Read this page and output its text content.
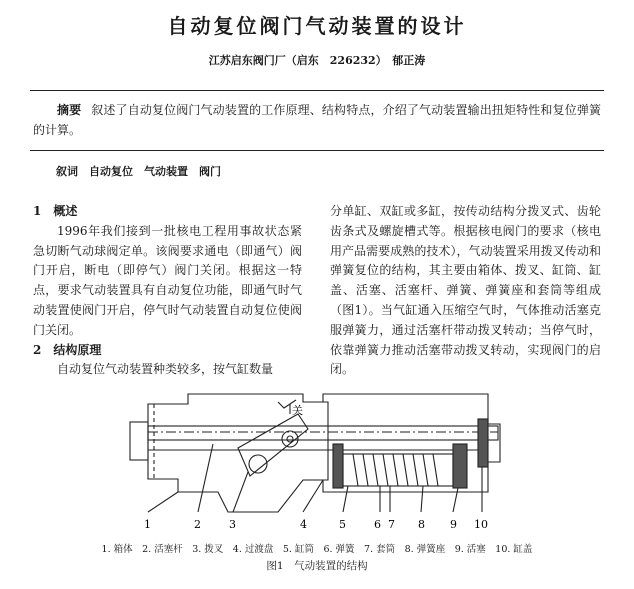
自动复位阀门气动装置的设计
江苏启东阀门厂（启东　226232）　郁正涛
摘要 叙述了自动复位阀门气动装置的工作原理、结构特点，介绍了气动装置输出扭矩特性和复位弹簧的计算。
叙词　自动复位　气动装置　阀门
1　概述

1996年我们接到一批核电工程用事故状态紧急切断气动球阀定单。该阀要求通电（即通气）阀门开启，断电（即停气）阀门关闭。根据这一特点，要求气动装置具有自动复位功能，即通气时气动装置使阀门开启，停气时气动装置自动复位使阀门关闭。

2　结构原理

自动复位气动装置种类较多，按气缸数量

分单缸、双缸或多缸，按传动结构分拨叉式、齿轮齿条式及螺旋槽式等。根据核电阀门的要求（核电用产品需要成熟的技术），气动装置采用拨叉传动和弹簧复位的结构，其主要由箱体、拨叉、缸筒、缸盖、活塞、活塞杆、弹簧、弹簧座和套筒等组成（图1）。当气缸通入压缩空气时，气体推动活塞克服弹簧力，通过活塞杆带动拨叉转动；当停气时，依靠弹簧力推动活塞带动拨叉转动，实现阀门的启闭。

关
1	2	3	4	5	6 7 8 9 10
1. 箱体　2. 活塞杆　3. 拨叉　4. 过渡盘　5. 缸筒　6. 弹簧　7. 套筒　8. 弹簧座　9. 活塞　10. 缸盖
图1　气动装置的结构
